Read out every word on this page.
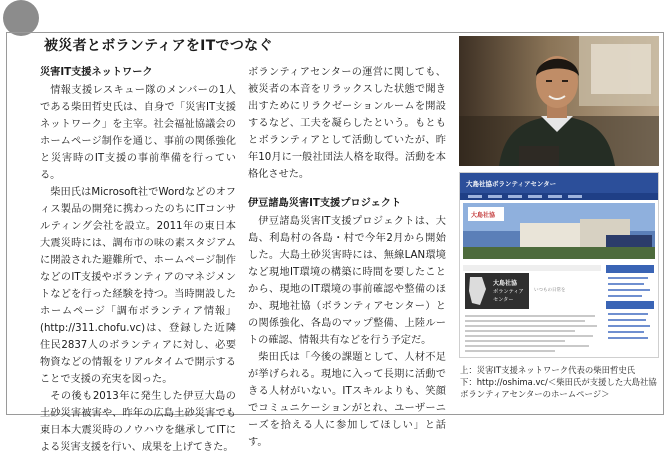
被災者とボランティアをITでつなぐ

災害IT支援ネットワーク

情報支援レスキュー隊のメンバーの1人である柴田哲史氏は、自身で「災害IT支援ネットワーク」を主宰。社会福祉協議会のホームページ制作を通じ、事前の関係強化と災害時のIT支援の事前準備を行っている。

柴田氏はMicrosoft社でWordなどのオフィス製品の開発に携わったのちにITコンサルティング会社を設立。2011年の東日本大震災時には、調布市の味の素スタジアムに開設された避難所で、ホームページ制作などのIT支援やボランティアのマネジメントなどを行った経験を持つ。当時開設したホームページ「調布ボランティア情報」(http://311.chofu.vc)は、登録した近隣住民2837人のボランティアに対し、必要物資などの情報をリアルタイムで開示することで支援の充実を図った。

その後も2013年に発生した伊豆大島の土砂災害被害や、昨年の広島土砂災害でも東日本大震災時のノウハウを継承してITによる災害支援を行い、成果を上げてきた。

ボランティアセンターの運営に関しても、被災者の本音をリラックスした状態で聞き出すためにリラクゼーションルームを開設するなど、工夫を凝らしたという。もともとボランティアとして活動していたが、昨年10月に一般社団法人格を取得。活動を本格化させた。

伊豆諸島災害IT支援プロジェクト

伊豆諸島災害IT支援プロジェクトは、大島、利島村の各島・村で今年2月から開始した。大島土砂災害時には、無線LAN環境など現地IT環境の構築に時間を要したことから、現地のIT環境の事前確認や整備のほか、現地社協（ボランティアセンター）との関係強化、各島のマップ整備、上陸ルートの確認、情報共有などを行う予定だ。

柴田氏は「今後の課題として、人材不足が挙げられる。現地に入って長期に活動できる人材がいない。ITスキルよりも、笑顔でコミュニケーションがとれ、ユーザーニーズを拾える人に参加してほしい」と話す。

大島社協ボランティアセンター
大島社協
大島社協
ボランティア
センター
いつもの日常を

上：災害IT支援ネットワーク代表の柴田哲史氏

下：http://oshima.vc/＜柴田氏が支援した大島社協ボランティアセンターのホームページ＞
